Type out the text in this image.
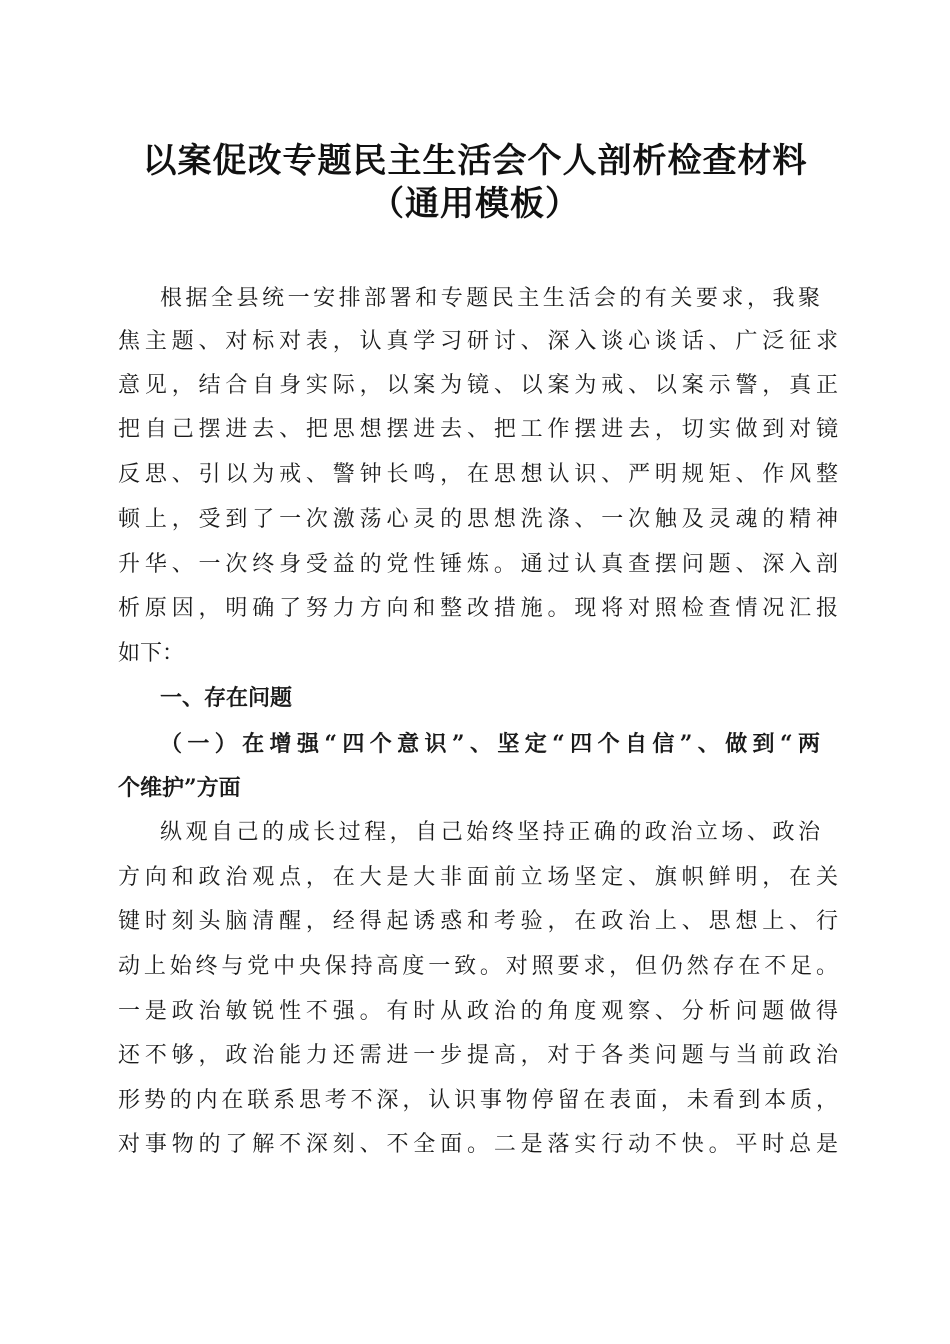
以案促改专题民主生活会个人剖析检查材料
（通用模板）
根据全县统一安排部署和专题民主生活会的有关要求，我聚
焦主题、对标对表，认真学习研讨、深入谈心谈话、广泛征求
意见，结合自身实际，以案为镜、以案为戒、以案示警，真正
把自己摆进去、把思想摆进去、把工作摆进去，切实做到对镜
反思、引以为戒、警钟长鸣，在思想认识、严明规矩、作风整
顿上，受到了一次激荡心灵的思想洗涤、一次触及灵魂的精神
升华、一次终身受益的党性锤炼。通过认真查摆问题、深入剖
析原因，明确了努力方向和整改措施。现将对照检查情况汇报
如下：
一、存在问题
（一）在增强“四个意识”、坚定“四个自信”、做到“两
个维护”方面
纵观自己的成长过程，自己始终坚持正确的政治立场、政治
方向和政治观点，在大是大非面前立场坚定、旗帜鲜明，在关
键时刻头脑清醒，经得起诱惑和考验，在政治上、思想上、行
动上始终与党中央保持高度一致。对照要求，但仍然存在不足。
一是政治敏锐性不强。有时从政治的角度观察、分析问题做得
还不够，政治能力还需进一步提高，对于各类问题与当前政治
形势的内在联系思考不深，认识事物停留在表面，未看到本质，
对事物的了解不深刻、不全面。二是落实行动不快。平时总是
